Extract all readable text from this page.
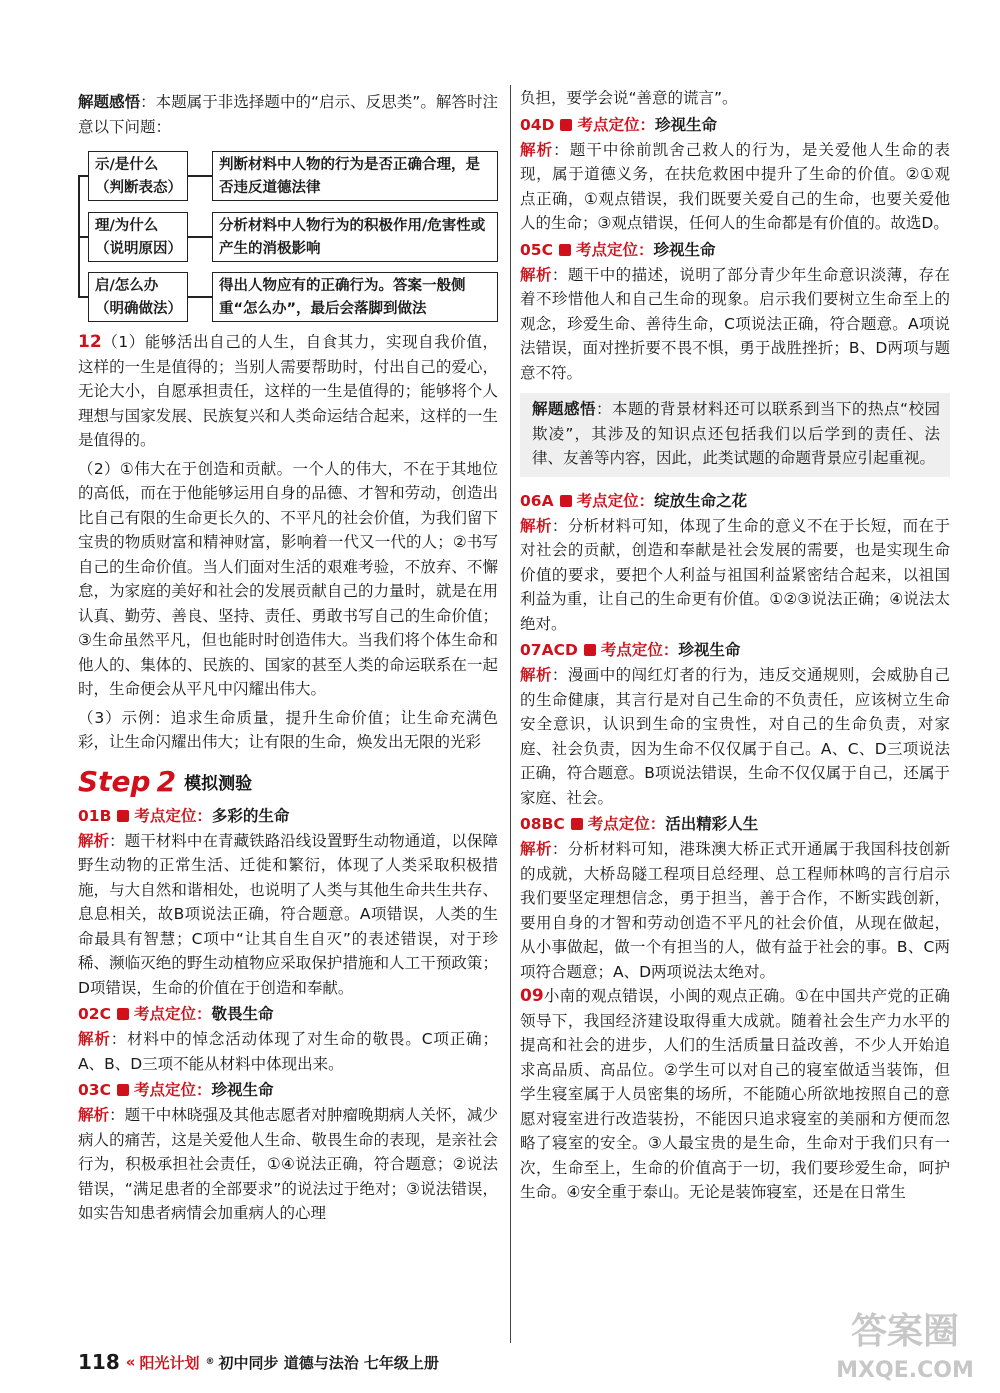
解题感悟：本题属于非选择题中的“启示、反思类”。解答时注意以下问题：

示/是什么
（判断表态）
判断材料中人物的行为是否正确合理，是否违反道德法律
理/为什么
（说明原因）
分析材料中人物行为的积极作用/危害性或产生的消极影响
启/怎么办
（明确做法）
得出人物应有的正确行为。答案一般侧重“怎么办”，最后会落脚到做法

12（1）能够活出自己的人生，自食其力，实现自我价值，这样的一生是值得的；当别人需要帮助时，付出自己的爱心，无论大小，自愿承担责任，这样的一生是值得的；能够将个人理想与国家发展、民族复兴和人类命运结合起来，这样的一生是值得的。

（2）①伟大在于创造和贡献。一个人的伟大，不在于其地位的高低，而在于他能够运用自身的品德、才智和劳动，创造出比自己有限的生命更长久的、不平凡的社会价值，为我们留下宝贵的物质财富和精神财富，影响着一代又一代的人；②书写自己的生命价值。当人们面对生活的艰难考验，不放弃、不懈怠，为家庭的美好和社会的发展贡献自己的力量时，就是在用认真、勤劳、善良、坚持、责任、勇敢书写自己的生命价值；③生命虽然平凡，但也能时时创造伟大。当我们将个体生命和他人的、集体的、民族的、国家的甚至人类的命运联系在一起时，生命便会从平凡中闪耀出伟大。

（3）示例：追求生命质量，提升生命价值；让生命充满色彩，让生命闪耀出伟大；让有限的生命，焕发出无限的光彩

Step 2 模拟测验
01B 考点定位：多彩的生命

解析：题干材料中在青藏铁路沿线设置野生动物通道，以保障野生动物的正常生活、迁徙和繁衍，体现了人类采取积极措施，与大自然和谐相处，也说明了人类与其他生命共生共存、息息相关，故B项说法正确，符合题意。A项错误，人类的生命最具有智慧；C项中“让其自生自灭”的表述错误，对于珍稀、濒临灭绝的野生动植物应采取保护措施和人工干预政策；D项错误，生命的价值在于创造和奉献。

02C 考点定位：敬畏生命

解析：材料中的悼念活动体现了对生命的敬畏。C项正确；A、B、D三项不能从材料中体现出来。

03C 考点定位：珍视生命

解析：题干中林晓强及其他志愿者对肿瘤晚期病人关怀，减少病人的痛苦，这是关爱他人生命、敬畏生命的表现，是亲社会行为，积极承担社会责任，①④说法正确，符合题意；②说法错误，“满足患者的全部要求”的说法过于绝对；③说法错误，如实告知患者病情会加重病人的心理

负担，要学会说“善意的谎言”。

04D 考点定位：珍视生命

解析：题干中徐前凯舍己救人的行为，是关爱他人生命的表现，属于道德义务，在扶危救困中提升了生命的价值。②①观点正确，①观点错误，我们既要关爱自己的生命，也要关爱他人的生命；③观点错误，任何人的生命都是有价值的。故选D。

05C 考点定位：珍视生命

解析：题干中的描述，说明了部分青少年生命意识淡薄，存在着不珍惜他人和自己生命的现象。启示我们要树立生命至上的观念，珍爱生命、善待生命，C项说法正确，符合题意。A项说法错误，面对挫折要不畏不惧，勇于战胜挫折；B、D两项与题意不符。

解题感悟：本题的背景材料还可以联系到当下的热点“校园欺凌”，其涉及的知识点还包括我们以后学到的责任、法律、友善等内容，因此，此类试题的命题背景应引起重视。

06A 考点定位：绽放生命之花

解析：分析材料可知，体现了生命的意义不在于长短，而在于对社会的贡献，创造和奉献是社会发展的需要，也是实现生命价值的要求，要把个人利益与祖国利益紧密结合起来，以祖国利益为重，让自己的生命更有价值。①②③说法正确；④说法太绝对。

07ACD 考点定位：珍视生命

解析：漫画中的闯红灯者的行为，违反交通规则，会威胁自己的生命健康，其言行是对自己生命的不负责任，应该树立生命安全意识，认识到生命的宝贵性，对自己的生命负责，对家庭、社会负责，因为生命不仅仅属于自己。A、C、D三项说法正确，符合题意。B项说法错误，生命不仅仅属于自己，还属于家庭、社会。

08BC 考点定位：活出精彩人生

解析：分析材料可知，港珠澳大桥正式开通属于我国科技创新的成就，大桥岛隧工程项目总经理、总工程师林鸣的言行启示我们要坚定理想信念，勇于担当，善于合作，不断实践创新，要用自身的才智和劳动创造不平凡的社会价值，从现在做起，从小事做起，做一个有担当的人，做有益于社会的事。B、C两项符合题意；A、D两项说法太绝对。

09小南的观点错误，小闽的观点正确。①在中国共产党的正确领导下，我国经济建设取得重大成就。随着社会生产力水平的提高和社会的进步，人们的生活质量日益改善，不少人开始追求高品质、高品位。②学生可以对自己的寝室做适当装饰，但学生寝室属于人员密集的场所，不能随心所欲地按照自己的意愿对寝室进行改造装扮，不能因只追求寝室的美丽和方便而忽略了寝室的安全。③人最宝贵的是生命，生命对于我们只有一次，生命至上，生命的价值高于一切，我们要珍爱生命，呵护生命。④安全重于泰山。无论是装饰寝室，还是在日常生

118 « 阳光计划 ® 初中同步 道德与法治 七年级上册
答案圈
MXQE.COM
